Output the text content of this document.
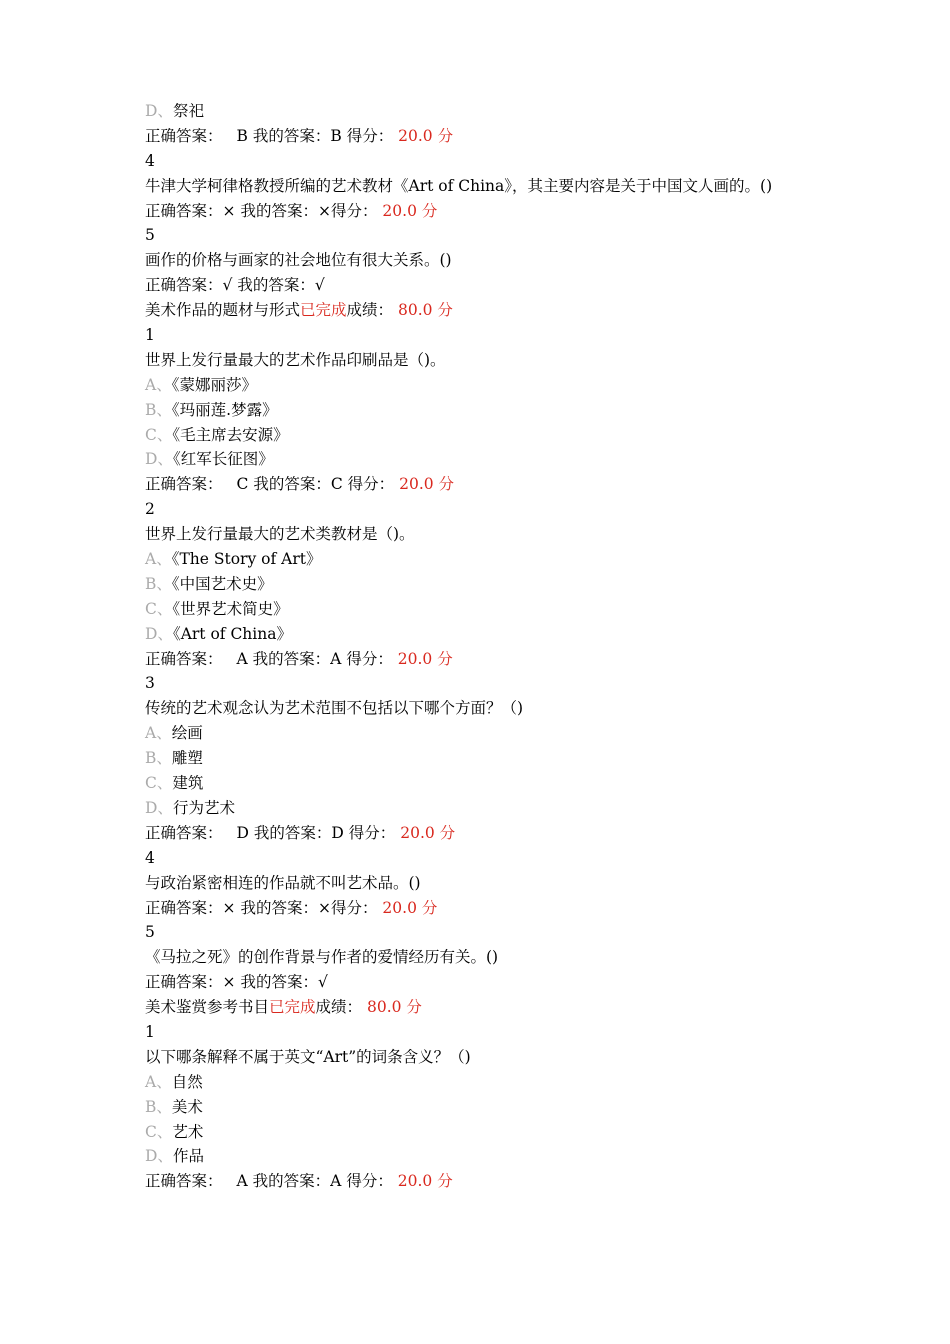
D、祭祀
正确答案： B 我的答案：B 得分： 20.0 分
4
牛津大学柯律格教授所编的艺术教材《Art of China》，其主要内容是关于中国文人画的。()
正确答案：× 我的答案：×得分： 20.0 分
5
画作的价格与画家的社会地位有很大关系。()
正确答案：√ 我的答案：√
美术作品的题材与形式已完成成绩： 80.0 分
1
世界上发行量最大的艺术作品印刷品是（)。
A、《蒙娜丽莎》
B、《玛丽莲.梦露》
C、《毛主席去安源》
D、《红军长征图》
正确答案： C 我的答案：C 得分： 20.0 分
2
世界上发行量最大的艺术类教材是（)。
A、《The Story of Art》
B、《中国艺术史》
C、《世界艺术简史》
D、《Art of China》
正确答案： A 我的答案：A 得分： 20.0 分
3
传统的艺术观念认为艺术范围不包括以下哪个方面？（)
A、绘画
B、雕塑
C、建筑
D、行为艺术
正确答案： D 我的答案：D 得分： 20.0 分
4
与政治紧密相连的作品就不叫艺术品。()
正确答案：× 我的答案：×得分： 20.0 分
5
《马拉之死》的创作背景与作者的爱情经历有关。()
正确答案：× 我的答案：√
美术鉴赏参考书目已完成成绩： 80.0 分
1
以下哪条解释不属于英文“Art”的词条含义？（)
A、自然
B、美术
C、艺术
D、作品
正确答案： A 我的答案：A 得分： 20.0 分
